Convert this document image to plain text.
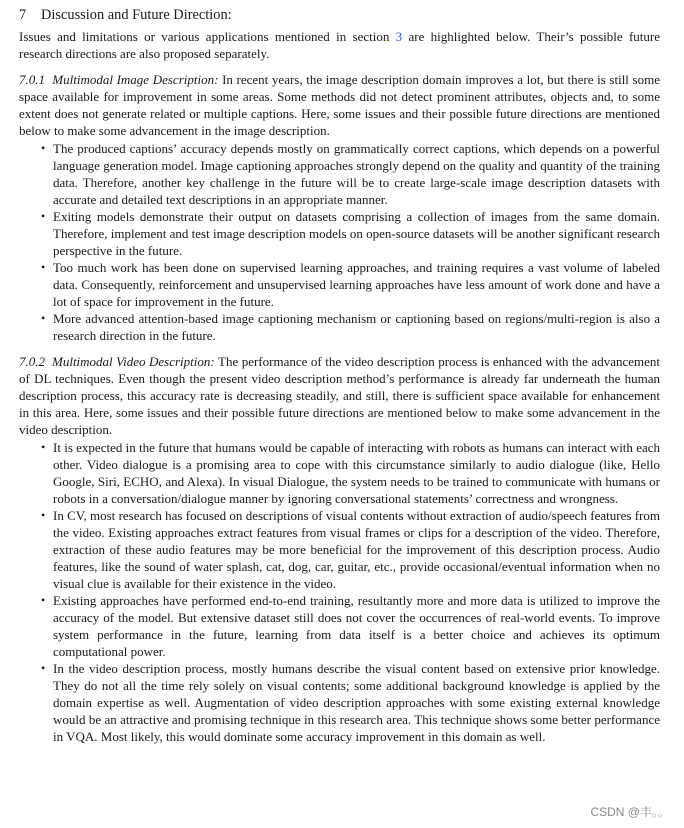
7 Discussion and Future Direction:

Issues and limitations or various applications mentioned in section 3 are highlighted below. Their’s possible future research directions are also proposed separately.

7.0.1 Multimodal Image Description: In recent years, the image description domain improves a lot, but there is still some space available for improvement in some areas. Some methods did not detect prominent attributes, objects and, to some extent does not generate related or multiple captions. Here, some issues and their possible future directions are mentioned below to make some advancement in the image description.

• The produced captions’ accuracy depends mostly on grammatically correct captions, which depends on a powerful language generation model. Image captioning approaches strongly depend on the quality and quantity of the training data. Therefore, another key challenge in the future will be to create large-scale image description datasets with accurate and detailed text descriptions in an appropriate manner.
• Exiting models demonstrate their output on datasets comprising a collection of images from the same domain. Therefore, implement and test image description models on open-source datasets will be another significant research perspective in the future.
• Too much work has been done on supervised learning approaches, and training requires a vast volume of labeled data. Consequently, reinforcement and unsupervised learning approaches have less amount of work done and have a lot of space for improvement in the future.
• More advanced attention-based image captioning mechanism or captioning based on regions/multi-region is also a research direction in the future.

7.0.2 Multimodal Video Description: The performance of the video description process is enhanced with the advancement of DL techniques. Even though the present video description method’s performance is already far underneath the human description process, this accuracy rate is decreasing steadily, and still, there is sufficient space available for enhancement in this area. Here, some issues and their possible future directions are mentioned below to make some advancement in the video description.

• It is expected in the future that humans would be capable of interacting with robots as humans can interact with each other. Video dialogue is a promising area to cope with this circumstance similarly to audio dialogue (like, Hello Google, Siri, ECHO, and Alexa). In visual Dialogue, the system needs to be trained to communicate with humans or robots in a conversation/dialogue manner by ignoring conversational statements’ correctness and wrongness.
• In CV, most research has focused on descriptions of visual contents without extraction of audio/speech features from the video. Existing approaches extract features from visual frames or clips for a description of the video. Therefore, extraction of these audio features may be more beneficial for the improvement of this description process. Audio features, like the sound of water splash, cat, dog, car, guitar, etc., provide occasional/eventual information when no visual clue is available for their existence in the video.
• Existing approaches have performed end-to-end training, resultantly more and more data is utilized to improve the accuracy of the model. But extensive dataset still does not cover the occurrences of real-world events. To improve system performance in the future, learning from data itself is a better choice and achieves its optimum computational power.
• In the video description process, mostly humans describe the visual content based on extensive prior knowledge. They do not all the time rely solely on visual contents; some additional background knowledge is applied by the domain expertise as well. Augmentation of video description approaches with some existing external knowledge would be an attractive and promising technique in this research area. This technique shows some better performance in VQA. Most likely, this would dominate some accuracy improvement in this domain as well.
CSDN @丰。。
